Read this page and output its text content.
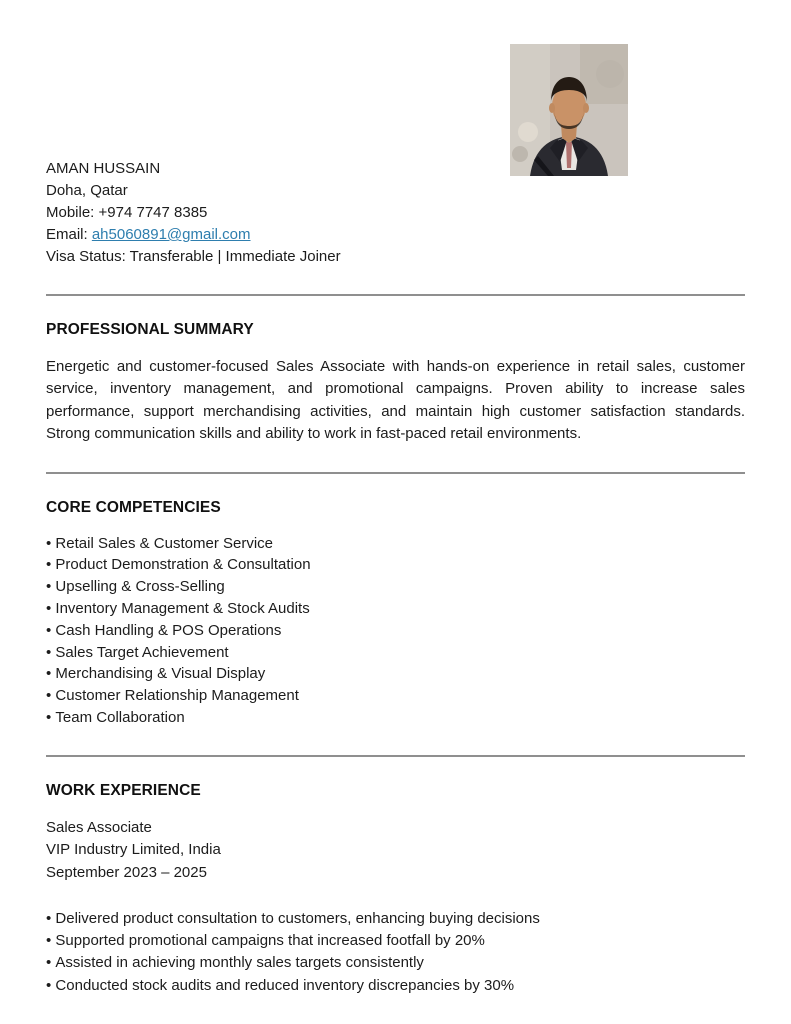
AMAN HUSSAIN
Doha, Qatar
Mobile: +974 7747 8385
Email: ah5060891@gmail.com
Visa Status: Transferable | Immediate Joiner
PROFESSIONAL SUMMARY

Energetic and customer-focused Sales Associate with hands-on experience in retail sales, customer service, inventory management, and promotional campaigns. Proven ability to increase sales performance, support merchandising activities, and maintain high customer satisfaction standards. Strong communication skills and ability to work in fast-paced retail environments.

CORE COMPETENCIES
• Retail Sales & Customer Service
• Product Demonstration & Consultation
• Upselling & Cross-Selling
• Inventory Management & Stock Audits
• Cash Handling & POS Operations
• Sales Target Achievement
• Merchandising & Visual Display
• Customer Relationship Management
• Team Collaboration
WORK EXPERIENCE
Sales Associate
VIP Industry Limited, India
September 2023 – 2025
• Delivered product consultation to customers, enhancing buying decisions
• Supported promotional campaigns that increased footfall by 20%
• Assisted in achieving monthly sales targets consistently
• Conducted stock audits and reduced inventory discrepancies by 30%
